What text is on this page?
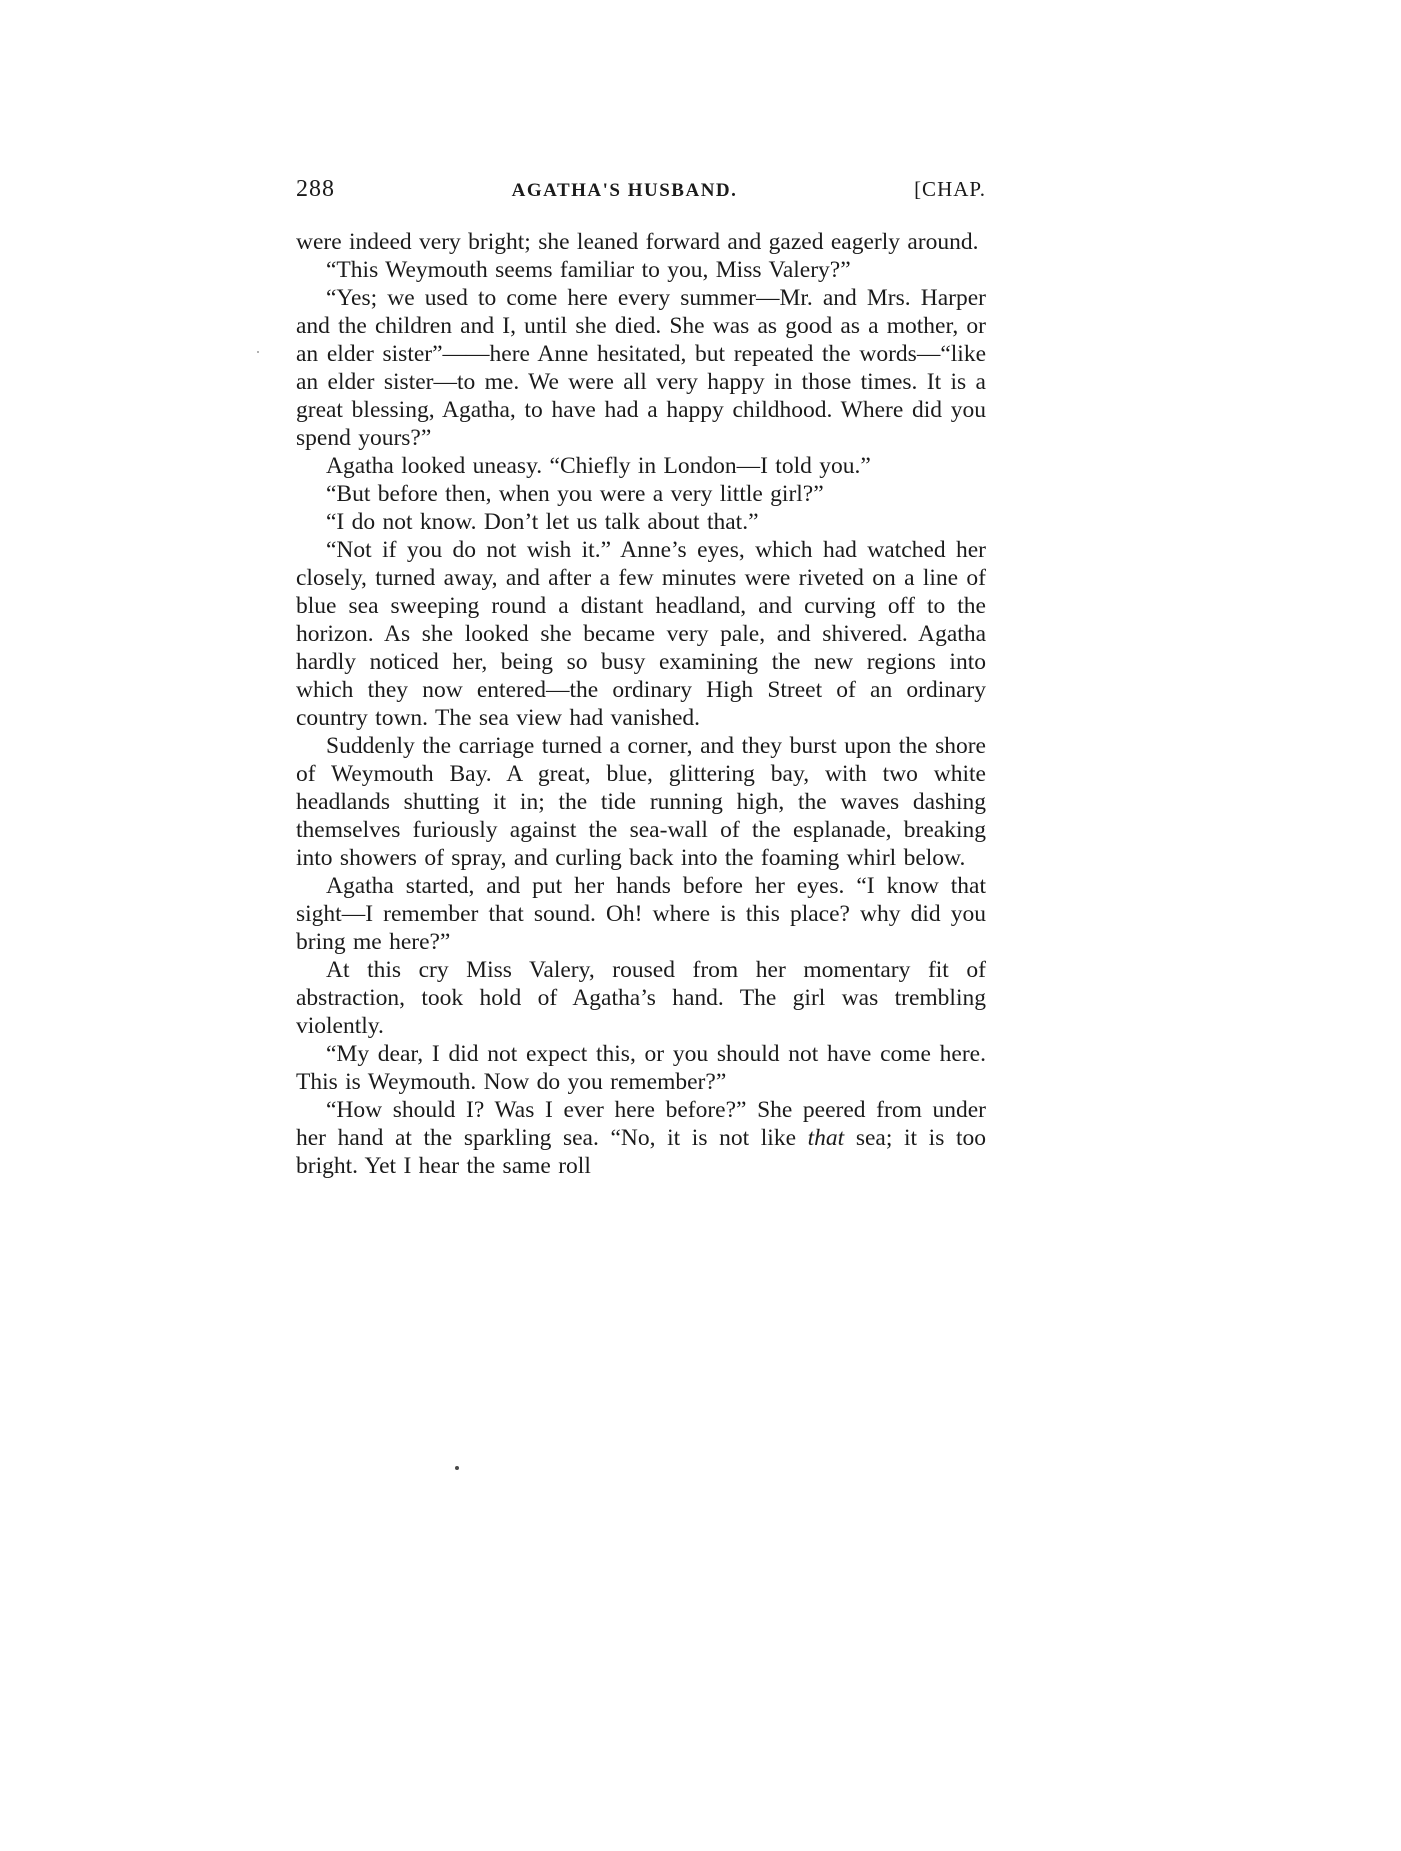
288	AGATHA'S HUSBAND.	[CHAP.

were indeed very bright; she leaned forward and gazed eagerly around.

“This Weymouth seems familiar to you, Miss Valery?”

“Yes; we used to come here every summer—Mr. and Mrs. Harper and the children and I, until she died. She was as good as a mother, or an elder sister”——here Anne hesitated, but repeated the words—“like an elder sister—to me. We were all very happy in those times. It is a great blessing, Agatha, to have had a happy childhood. Where did you spend yours?”

Agatha looked uneasy. “Chiefly in London—I told you.”

“But before then, when you were a very little girl?”

“I do not know. Don’t let us talk about that.”

“Not if you do not wish it.” Anne’s eyes, which had watched her closely, turned away, and after a few minutes were riveted on a line of blue sea sweeping round a distant headland, and curving off to the horizon. As she looked she became very pale, and shivered. Agatha hardly noticed her, being so busy examining the new regions into which they now entered—the ordinary High Street of an ordinary country town. The sea view had vanished.

Suddenly the carriage turned a corner, and they burst upon the shore of Weymouth Bay. A great, blue, glittering bay, with two white headlands shutting it in; the tide running high, the waves dashing themselves furiously against the sea-wall of the esplanade, breaking into showers of spray, and curling back into the foaming whirl below.

Agatha started, and put her hands before her eyes. “I know that sight—I remember that sound. Oh! where is this place? why did you bring me here?”

At this cry Miss Valery, roused from her momentary fit of abstraction, took hold of Agatha’s hand. The girl was trembling violently.

“My dear, I did not expect this, or you should not have come here. This is Weymouth. Now do you remember?”

“How should I? Was I ever here before?” She peered from under her hand at the sparkling sea. “No, it is not like that sea; it is too bright. Yet I hear the same roll
